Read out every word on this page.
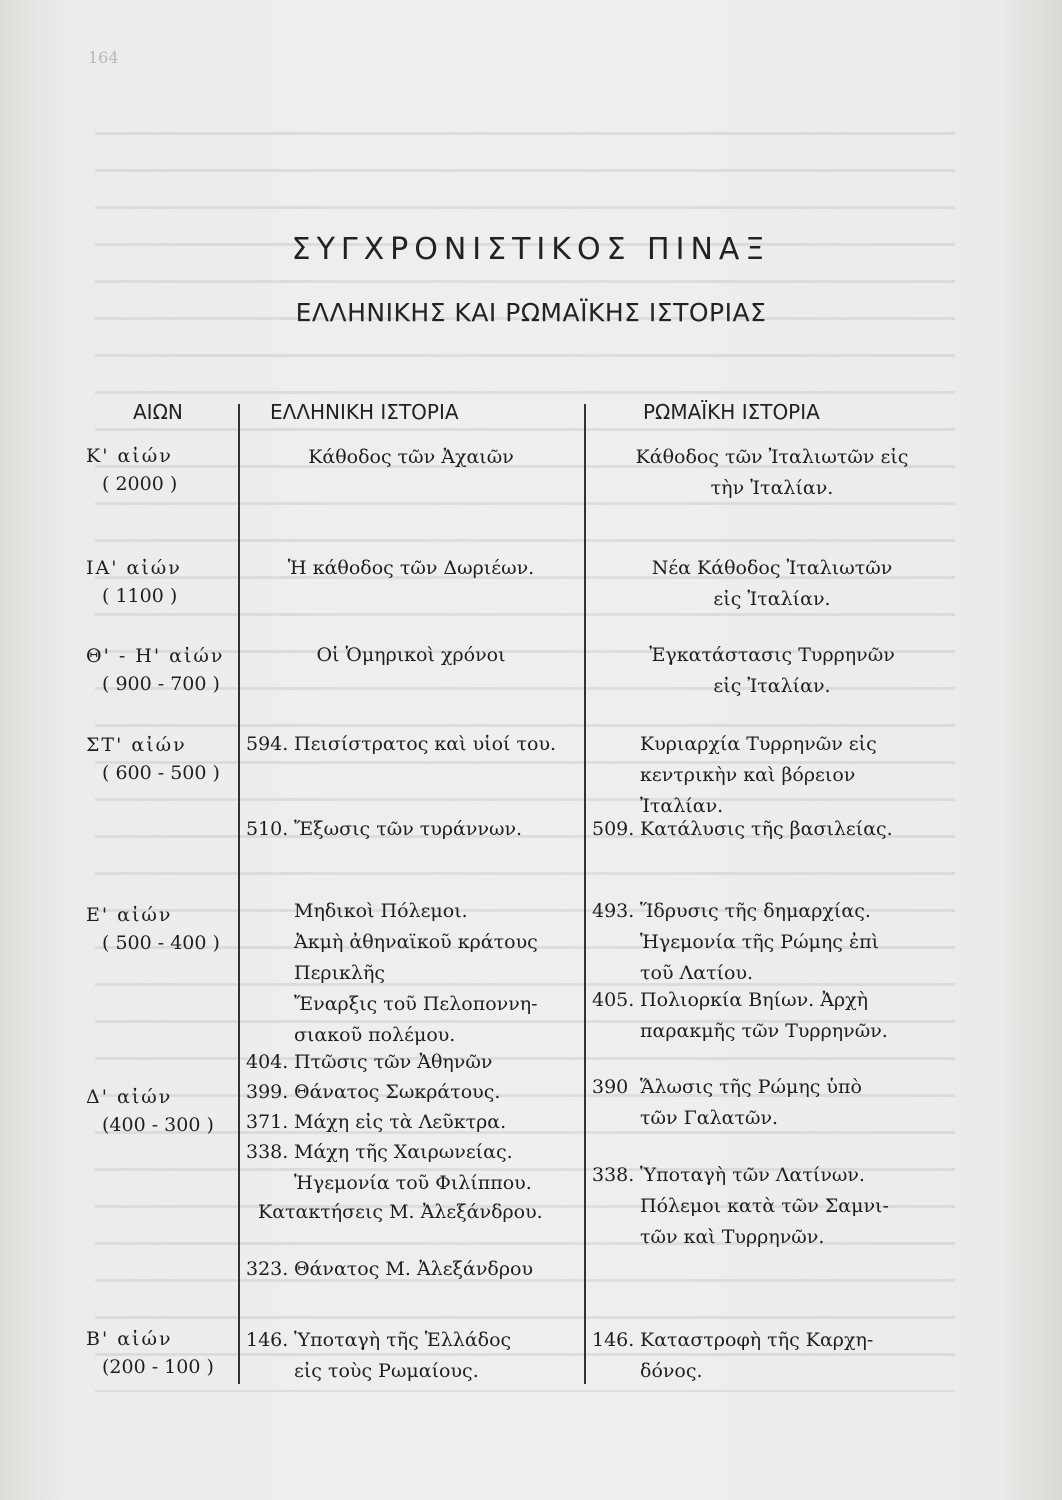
164
ΣΥΓΧΡΟΝΙΣΤΙΚΟΣ ΠΙΝΑΞ
ΕΛΛΗΝΙΚΗΣ ΚΑΙ ΡΩΜΑΪΚΗΣ ΙΣΤΟΡΙΑΣ
ΑΙΩΝ	ΕΛΛΗΝΙΚΗ ΙΣΤΟΡΙΑ	ΡΩΜΑΪΚΗ ΙΣΤΟΡΙΑ
Κ' αἰών
( 2000 )
ΙΑ' αἰών
( 1100 )
Θ' - Η' αἰών
( 900 - 700 )
ΣΤ' αἰών
( 600 - 500 )
Ε' αἰών
( 500 - 400 )
Δ' αἰών
(400 - 300 )
Β' αἰών
(200 - 100 )
Κάθοδος τῶν Ἀχαιῶν
Ἡ κάθοδος τῶν Δωριέων.
Οἱ Ὁμηρικοὶ χρόνοι
594. Πεισίστρατος καὶ υἱοί του.
510. Ἔξωσις τῶν τυράννων.
Μηδικοὶ Πόλεμοι.
Ἀκμὴ ἀθηναϊκοῦ κράτους
Περικλῆς
Ἔναρξις τοῦ Πελοποννη-
σιακοῦ πολέμου.
404. Πτῶσις τῶν Ἀθηνῶν
399. Θάνατος Σωκράτους.
371. Μάχη εἰς τὰ Λεῦκτρα.
338. Μάχη τῆς Χαιρωνείας.
Ἡγεμονία τοῦ Φιλίππου.
Κατακτήσεις Μ. Ἀλεξάνδρου.
323. Θάνατος Μ. Ἀλεξάνδρου
146. Ὑποταγὴ τῆς Ἑλλάδος
εἰς τοὺς Ρωμαίους.
Κάθοδος τῶν Ἰταλιωτῶν εἰς
τὴν Ἰταλίαν.
Νέα Κάθοδος Ἰταλιωτῶν
εἰς Ἰταλίαν.
Ἐγκατάστασις Τυρρηνῶν
εἰς Ἰταλίαν.
Κυριαρχία Τυρρηνῶν εἰς
κεντρικὴν καὶ βόρειον
Ἰταλίαν.
509. Κατάλυσις τῆς βασιλείας.
493. Ἵδρυσις τῆς δημαρχίας.
Ἡγεμονία τῆς Ρώμης ἐπὶ
τοῦ Λατίου.
405. Πολιορκία Βηίων. Ἀρχὴ
παρακμῆς τῶν Τυρρηνῶν.
390 Ἅλωσις τῆς Ρώμης ὑπὸ
τῶν Γαλατῶν.
338. Ὑποταγὴ τῶν Λατίνων.
Πόλεμοι κατὰ τῶν Σαμνι-
τῶν καὶ Τυρρηνῶν.
146. Καταστροφὴ τῆς Καρχη-
δόνος.
